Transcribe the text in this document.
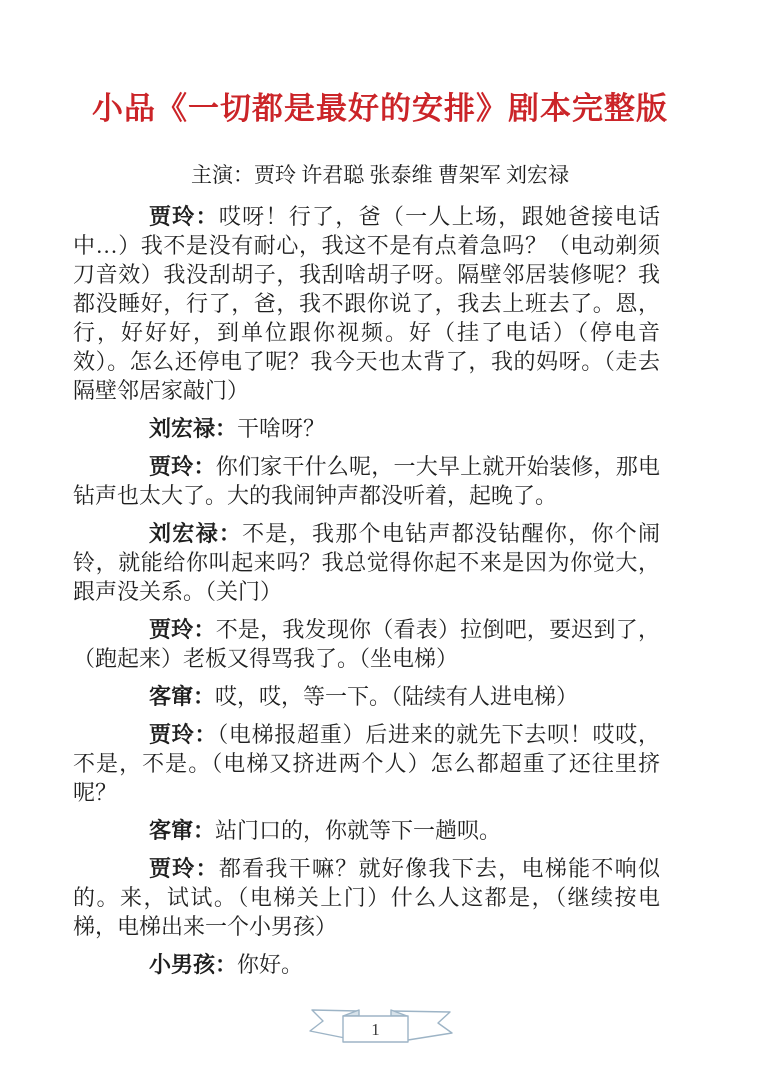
小品《一切都是最好的安排》剧本完整版
主演：贾玲 许君聪 张泰维 曹架军 刘宏禄

贾玲：哎呀！行了，爸（一人上场，跟她爸接电话中…）我不是没有耐心，我这不是有点着急吗？（电动剃须刀音效）我没刮胡子，我刮啥胡子呀。隔壁邻居装修呢？我都没睡好，行了，爸，我不跟你说了，我去上班去了。恩，行，好好好，到单位跟你视频。好（挂了电话）（停电音效）。怎么还停电了呢？我今天也太背了，我的妈呀。（走去隔壁邻居家敲门）

刘宏禄：干啥呀？

贾玲：你们家干什么呢，一大早上就开始装修，那电钻声也太大了。大的我闹钟声都没听着，起晚了。

刘宏禄：不是，我那个电钻声都没钻醒你，你个闹铃，就能给你叫起来吗？我总觉得你起不来是因为你觉大，跟声没关系。（关门）

贾玲：不是，我发现你（看表）拉倒吧，要迟到了，（跑起来）老板又得骂我了。（坐电梯）

客窜：哎，哎，等一下。（陆续有人进电梯）

贾玲：（电梯报超重）后进来的就先下去呗！哎哎，不是，不是。（电梯又挤进两个人）怎么都超重了还往里挤呢？

客窜：站门口的，你就等下一趟呗。

贾玲：都看我干嘛？就好像我下去，电梯能不响似的。来，试试。（电梯关上门）什么人这都是，（继续按电梯，电梯出来一个小男孩）

小男孩：你好。

1
